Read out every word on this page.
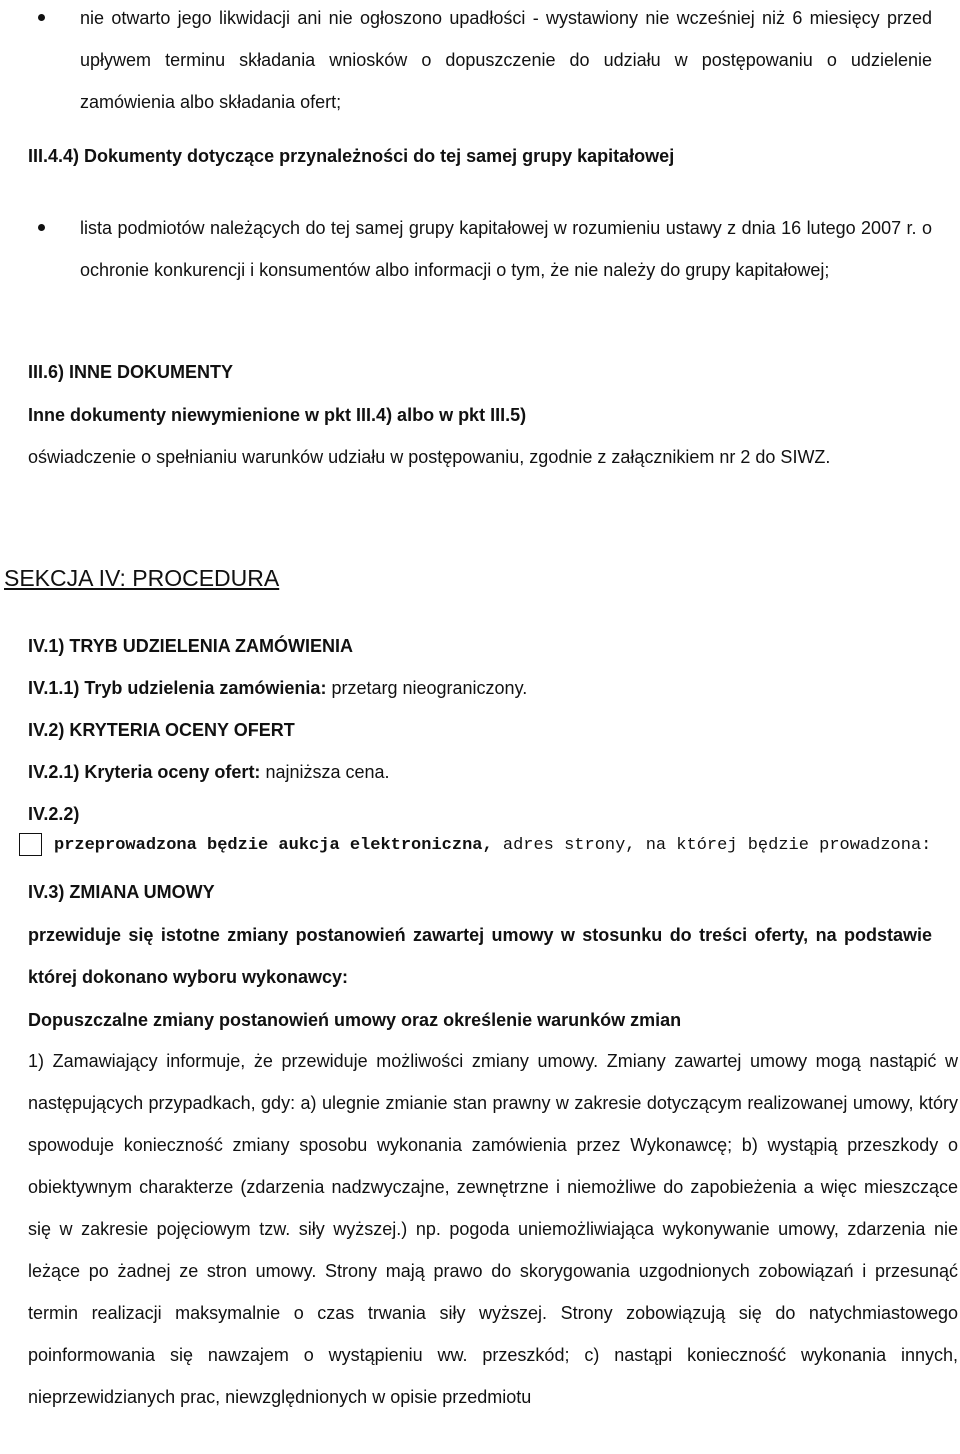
nie otwarto jego likwidacji ani nie ogłoszono upadłości - wystawiony nie wcześniej niż 6 miesięcy przed upływem terminu składania wniosków o dopuszczenie do udziału w postępowaniu o udzielenie zamówienia albo składania ofert;
III.4.4) Dokumenty dotyczące przynależności do tej samej grupy kapitałowej
lista podmiotów należących do tej samej grupy kapitałowej w rozumieniu ustawy z dnia 16 lutego 2007 r. o ochronie konkurencji i konsumentów albo informacji o tym, że nie należy do grupy kapitałowej;
III.6) INNE DOKUMENTY
Inne dokumenty niewymienione w pkt III.4) albo w pkt III.5)
oświadczenie o spełnianiu warunków udziału w postępowaniu, zgodnie z załącznikiem nr 2 do SIWZ.
SEKCJA IV: PROCEDURA
IV.1) TRYB UDZIELENIA ZAMÓWIENIA
IV.1.1) Tryb udzielenia zamówienia: przetarg nieograniczony.
IV.2) KRYTERIA OCENY OFERT
IV.2.1) Kryteria oceny ofert: najniższa cena.
IV.2.2)
przeprowadzona będzie aukcja elektroniczna, adres strony, na której będzie prowadzona:
IV.3) ZMIANA UMOWY
przewiduje się istotne zmiany postanowień zawartej umowy w stosunku do treści oferty, na podstawie której dokonano wyboru wykonawcy:
Dopuszczalne zmiany postanowień umowy oraz określenie warunków zmian
1) Zamawiający informuje, że przewiduje możliwości zmiany umowy. Zmiany zawartej umowy mogą nastąpić w następujących przypadkach, gdy: a) ulegnie zmianie stan prawny w zakresie dotyczącym realizowanej umowy, który spowoduje konieczność zmiany sposobu wykonania zamówienia przez Wykonawcę; b) wystąpią przeszkody o obiektywnym charakterze (zdarzenia nadzwyczajne, zewnętrzne i niemożliwe do zapobieżenia a więc mieszczące się w zakresie pojęciowym tzw. siły wyższej.) np. pogoda uniemożliwiająca wykonywanie umowy, zdarzenia nie leżące po żadnej ze stron umowy. Strony mają prawo do skorygowania uzgodnionych zobowiązań i przesunąć termin realizacji maksymalnie o czas trwania siły wyższej. Strony zobowiązują się do natychmiastowego poinformowania się nawzajem o wystąpieniu ww. przeszkód; c) nastąpi konieczność wykonania innych, nieprzewidzianych prac, niewzględnionych w opisie przedmiotu
